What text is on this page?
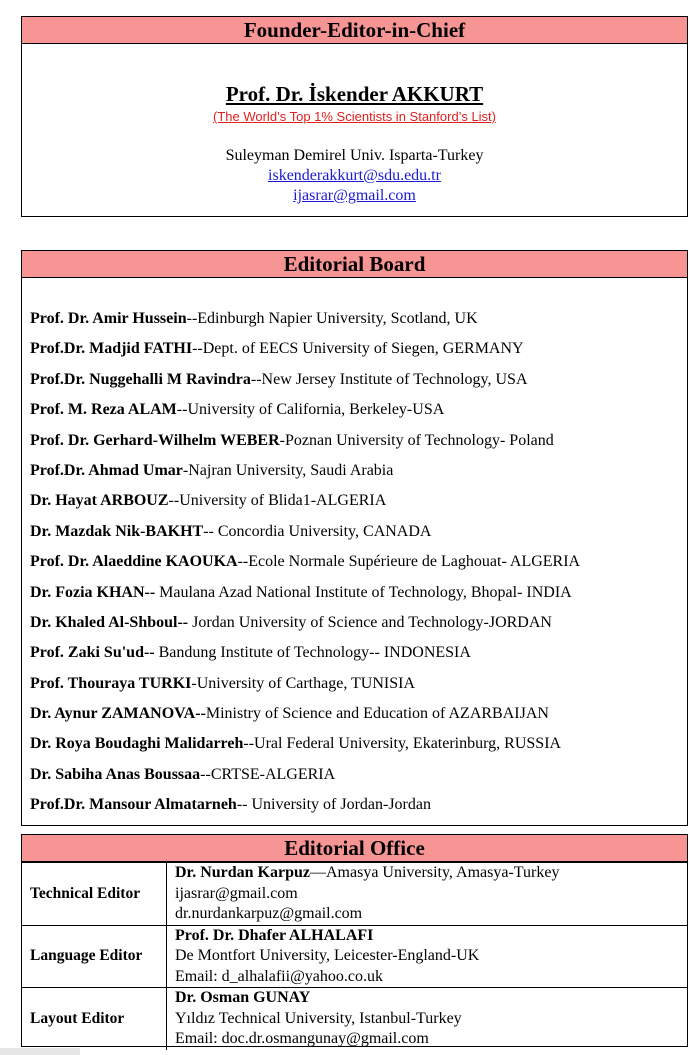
Founder-Editor-in-Chief
Prof. Dr. İskender AKKURT
(The World’s Top 1% Scientists in Stanford’s List)
Suleyman Demirel Univ. Isparta-Turkey
iskenderakkurt@sdu.edu.tr
ijasrar@gmail.com
Editorial Board
Prof. Dr. Amir Hussein--Edinburgh Napier University, Scotland, UK
Prof.Dr. Madjid FATHI--Dept. of EECS University of Siegen, GERMANY
Prof.Dr. Nuggehalli M Ravindra--New Jersey Institute of Technology, USA
Prof. M. Reza ALAM--University of California, Berkeley-USA
Prof. Dr. Gerhard-Wilhelm WEBER-Poznan University of Technology- Poland
Prof.Dr. Ahmad Umar-Najran University, Saudi Arabia
Dr. Hayat ARBOUZ--University of Blida1-ALGERIA
Dr. Mazdak Nik-BAKHT-- Concordia University, CANADA
Prof. Dr. Alaeddine KAOUKA--Ecole Normale Supérieure de Laghouat- ALGERIA
Dr. Fozia KHAN-- Maulana Azad National Institute of Technology, Bhopal- INDIA
Dr. Khaled Al-Shboul-- Jordan University of Science and Technology-JORDAN
Prof. Zaki Su'ud-- Bandung Institute of Technology-- INDONESIA
Prof. Thouraya TURKI-University of Carthage, TUNISIA
Dr. Aynur ZAMANOVA--Ministry of Science and Education of AZARBAIJAN
Dr. Roya Boudaghi Malidarreh--Ural Federal University, Ekaterinburg, RUSSIA
Dr. Sabiha Anas Boussaa--CRTSE-ALGERIA
Prof.Dr. Mansour Almatarneh-- University of Jordan-Jordan
Editorial Office
Technical Editor	Dr. Nurdan Karpuz—Amasya University, Amasya-Turkey
ijasrar@gmail.com
dr.nurdankarpuz@gmail.com

Language Editor	Prof. Dr. Dhafer ALHALAFI
De Montfort University, Leicester-England-UK
Email: d_alhalafii@yahoo.co.uk

Layout Editor	Dr. Osman GUNAY
Yıldız Technical University, Istanbul-Turkey
Email: doc.dr.osmangunay@gmail.com
